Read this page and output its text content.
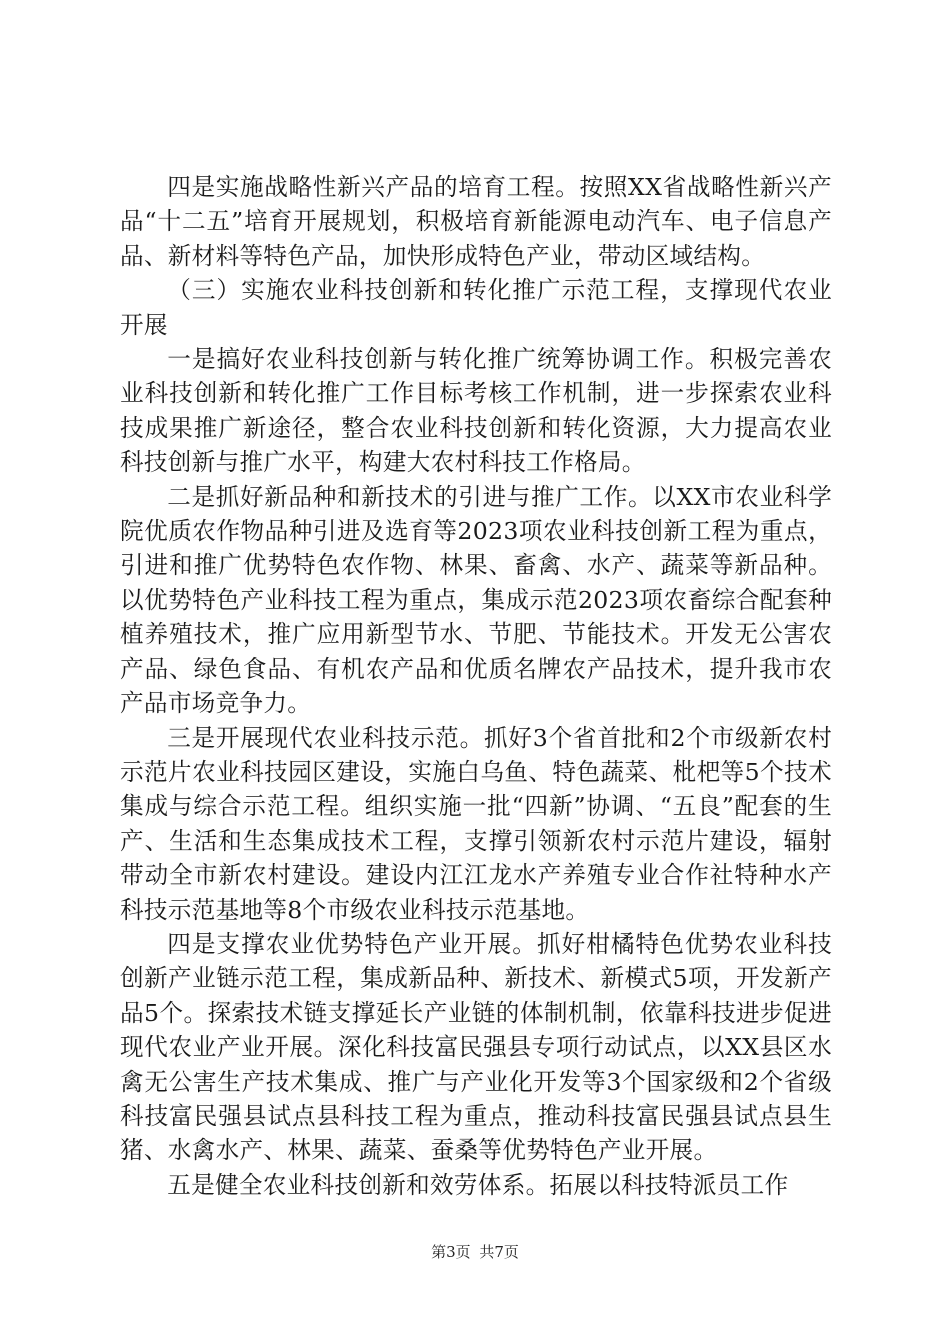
四是实施战略性新兴产品的培育工程。按照XX省战略性新兴产品“十二五”培育开展规划，积极培育新能源电动汽车、电子信息产品、新材料等特色产品，加快形成特色产业，带动区域结构。

（三）实施农业科技创新和转化推广示范工程，支撑现代农业开展

一是搞好农业科技创新与转化推广统筹协调工作。积极完善农业科技创新和转化推广工作目标考核工作机制，进一步探索农业科技成果推广新途径，整合农业科技创新和转化资源，大力提高农业科技创新与推广水平，构建大农村科技工作格局。

二是抓好新品种和新技术的引进与推广工作。以XX市农业科学院优质农作物品种引进及选育等2023项农业科技创新工程为重点，引进和推广优势特色农作物、林果、畜禽、水产、蔬菜等新品种。以优势特色产业科技工程为重点，集成示范2023项农畜综合配套种植养殖技术，推广应用新型节水、节肥、节能技术。开发无公害农产品、绿色食品、有机农产品和优质名牌农产品技术，提升我市农产品市场竞争力。

三是开展现代农业科技示范。抓好3个省首批和2个市级新农村示范片农业科技园区建设，实施白乌鱼、特色蔬菜、枇杷等5个技术集成与综合示范工程。组织实施一批“四新”协调、“五良”配套的生产、生活和生态集成技术工程，支撑引领新农村示范片建设，辐射带动全市新农村建设。建设内江江龙水产养殖专业合作社特种水产科技示范基地等8个市级农业科技示范基地。

四是支撑农业优势特色产业开展。抓好柑橘特色优势农业科技创新产业链示范工程，集成新品种、新技术、新模式5项，开发新产品5个。探索技术链支撑延长产业链的体制机制，依靠科技进步促进现代农业产业开展。深化科技富民强县专项行动试点，以XX县区水禽无公害生产技术集成、推广与产业化开发等3个国家级和2个省级科技富民强县试点县科技工程为重点，推动科技富民强县试点县生猪、水禽水产、林果、蔬菜、蚕桑等优势特色产业开展。

五是健全农业科技创新和效劳体系。拓展以科技特派员工作

第3页 共7页
